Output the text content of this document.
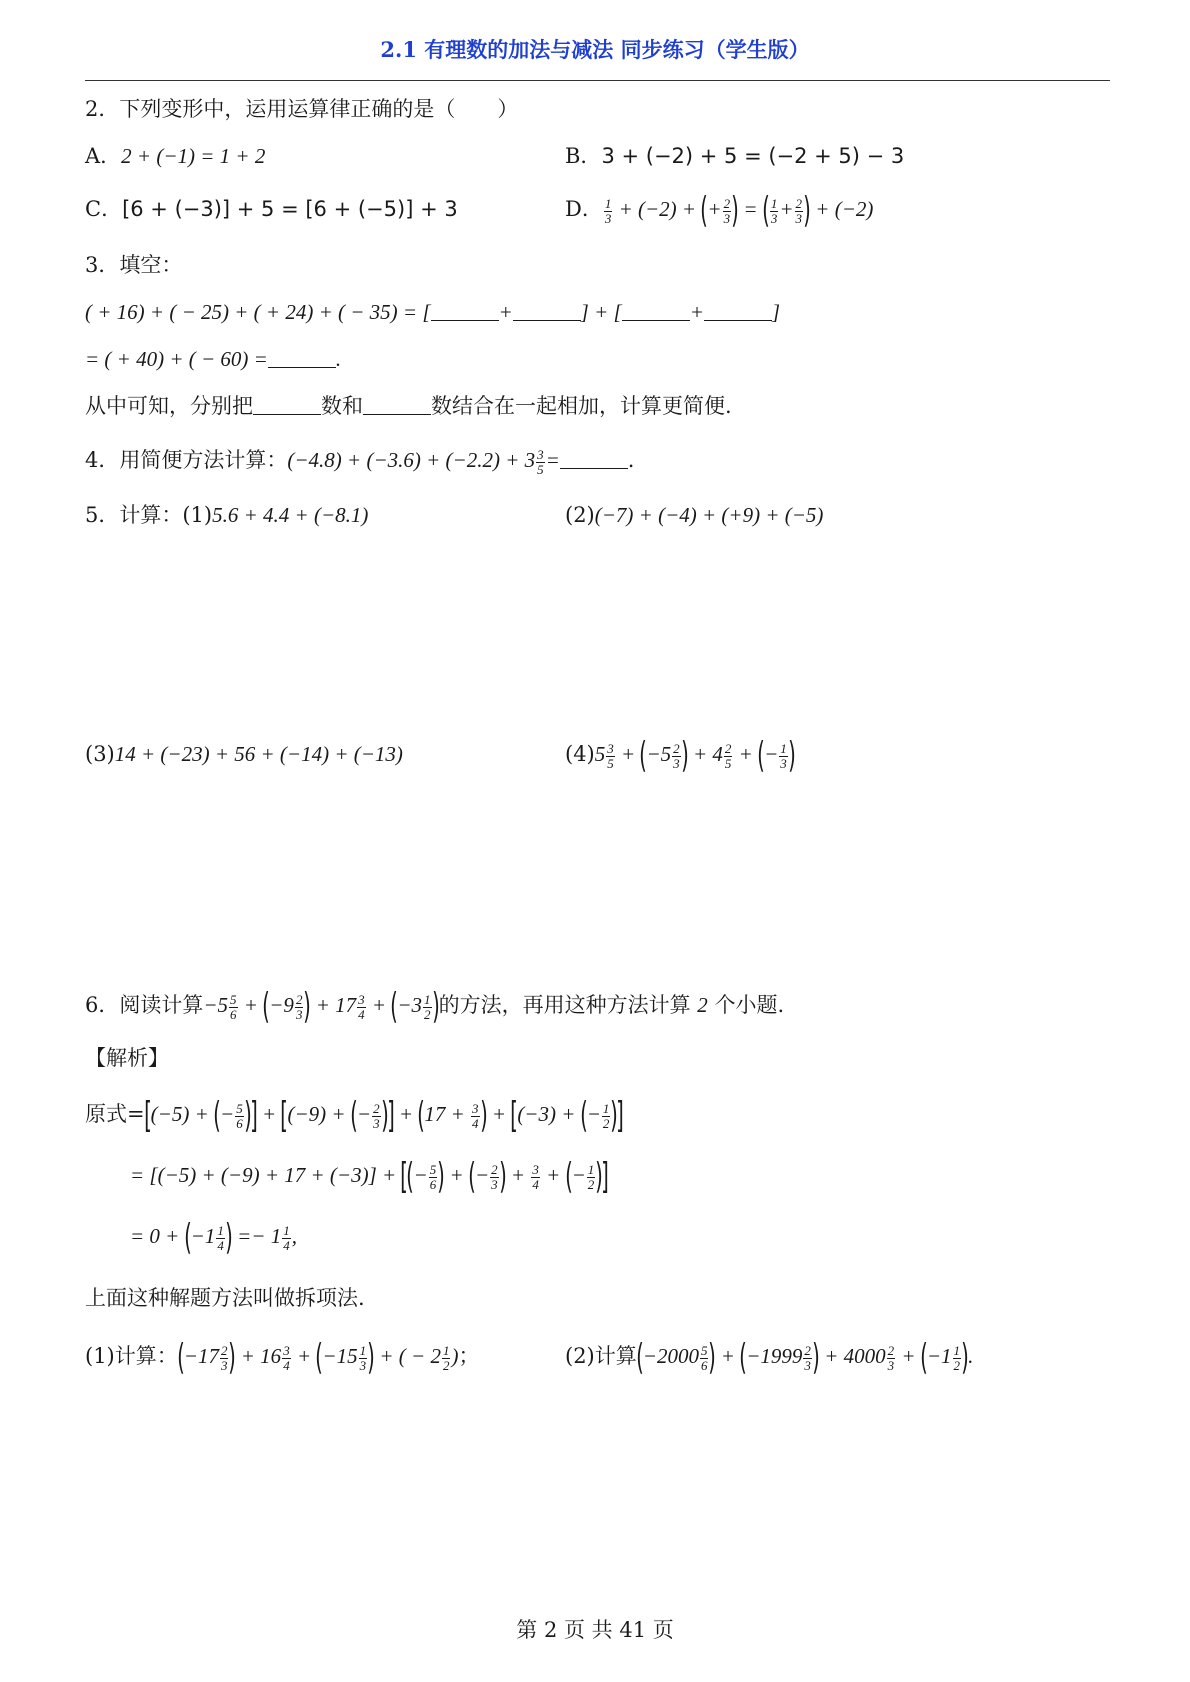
2.1 有理数的加法与减法 同步练习（学生版）
2．下列变形中，运用运算律正确的是（　　）
A．2 + (−1) = 1 + 2	B．3 + (−2) + 5 = (−2 + 5) − 3
C．[6 + (−3)] + 5 = [6 + (−5)] + 3	D． $\frac{1}{3} + (-2)$ + (+ $\frac{2}{3}$ ) = ( $\frac{1}{3} + \frac{2}{3}$ ) + (−2)
3．填空：
( + 16) + ( − 25) + ( + 24) + ( − 35) = [	+	] + [	+	]
= ( + 40) + ( − 60) =	.
从中可知，分别把	数和	数结合在一起相加，计算更简便.
4．用简便方法计算：$(-4.8) + (-3.6) + (-2.2) + 3 \frac{3}{5}$ =	.
5．计算：(1)5.6 + 4.4 + (−8.1)	(2)(−7) + (−4) + (+9) + (−5)
(3)14 + (−23) + 56 + (−14) + (−13)	$(4)5 \frac{3}{5} + (-5 \frac{2}{3}$ ) + $4 \frac{2}{5}$ + (− $\frac{1}{3}$ )
6．阅读计算$-5 \frac{5}{6} + (-9 \frac{2}{3}$ ) + $17 \frac{3}{4} + (-3 \frac{1}{2}$ )的方法，再用这种方法计算 2 个小题.
【解析】
原式=[(−5) + (− $\frac{5}{6}$ )] + [(−9) + (− $\frac{2}{3}$ )] + ($17 + \frac{3}{4}$ ) + [(−3) + (− $\frac{1}{2}$ )]
= [(−5) + (−9) + 17 + (−3)] + [(− $\frac{5}{6}$ ) + (− $\frac{2}{3}$ ) + $\frac{3}{4}$ + (− $\frac{1}{2}$ )]
= $0 + (-1 \frac{1}{4}$ ) =− $1 \frac{1}{4}$ ,
上面这种解题方法叫做拆项法.
(1)计算：($-17 \frac{2}{3}$ ) + $16 \frac{3}{4} + (-15 \frac{1}{3}$ ) + ( − $2 \frac{1}{2}$ )；	(2)计算($-2000 \frac{5}{6}$ ) + ($-1999 \frac{2}{3}$ ) + $4000 \frac{2}{3} + (-1 \frac{1}{2}$ ).
第 2 页 共 41 页
